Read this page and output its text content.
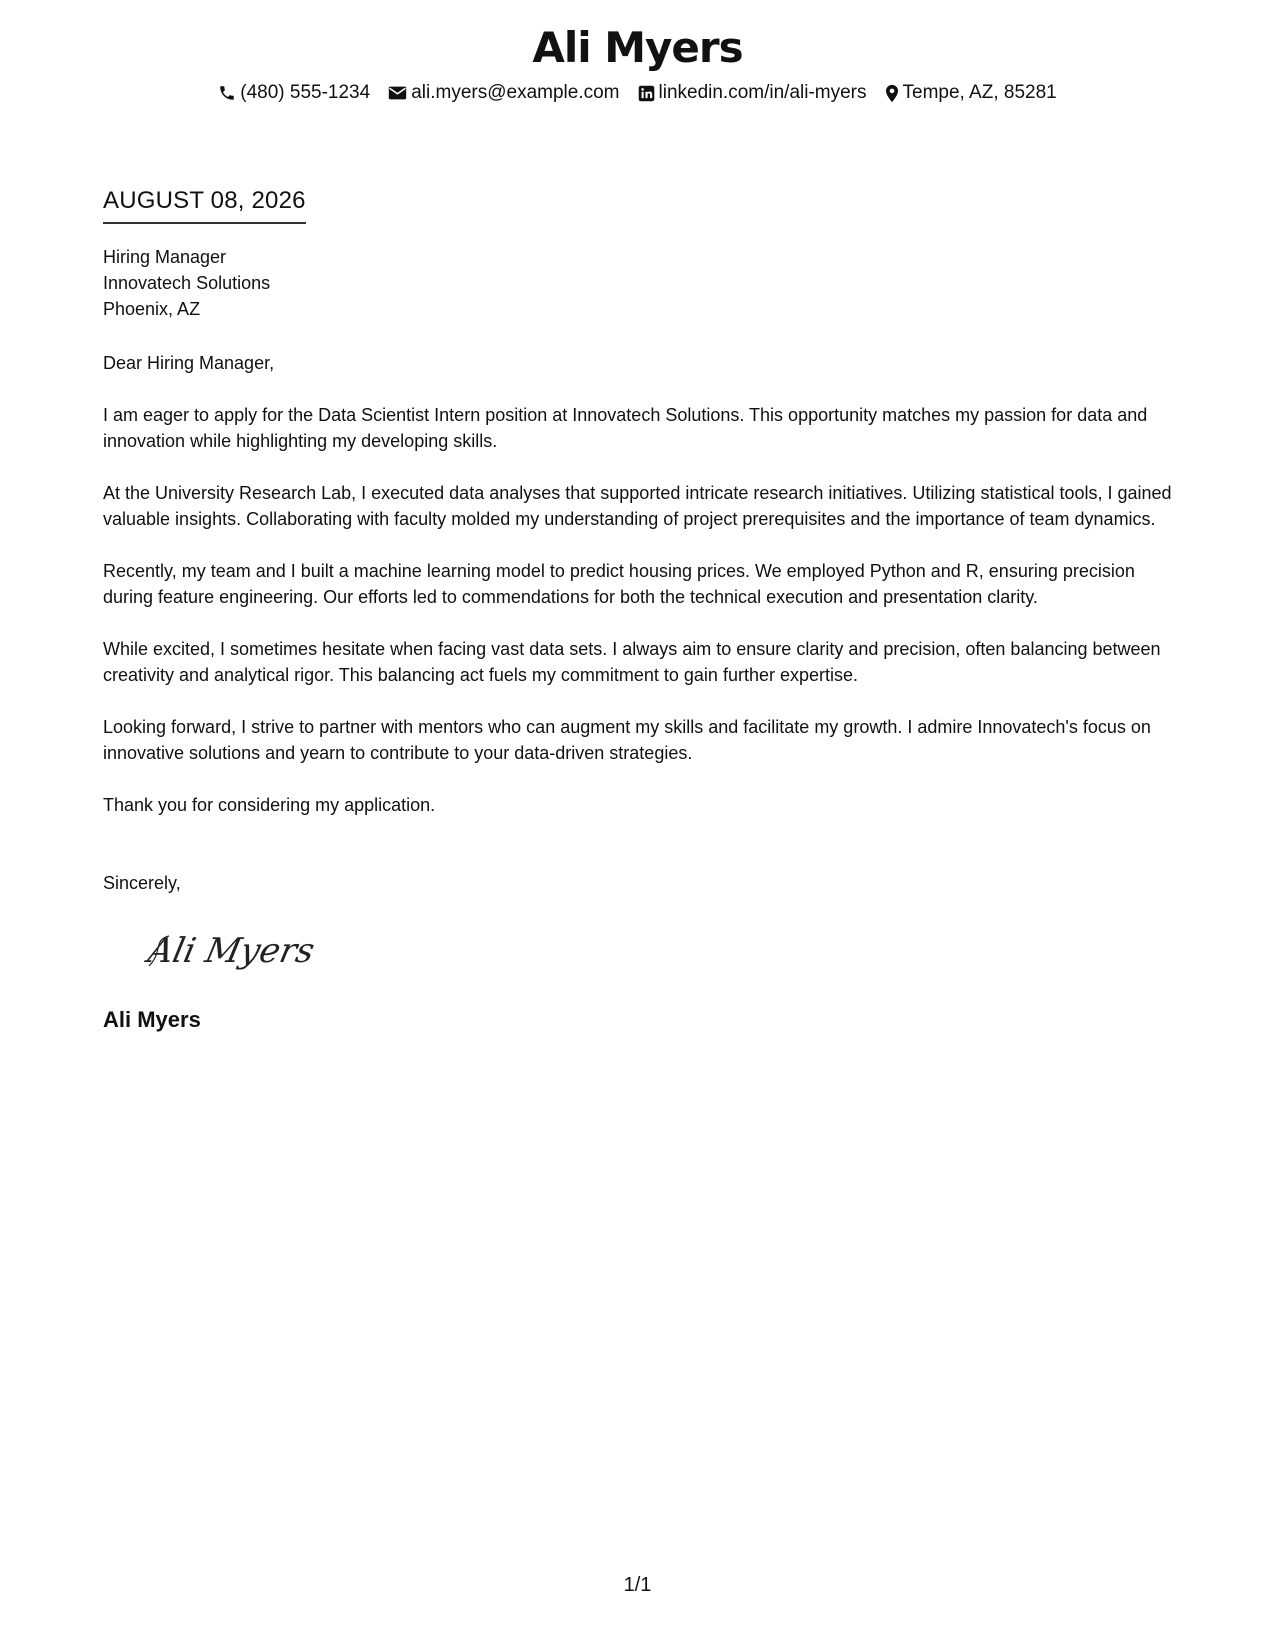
Ali Myers
(480) 555-1234 ali.myers@example.com linkedin.com/in/ali-myers Tempe, AZ, 85281
AUGUST 08, 2026
Hiring Manager
Innovatech Solutions
Phoenix, AZ
Dear Hiring Manager,

I am eager to apply for the Data Scientist Intern position at Innovatech Solutions. This opportunity matches my passion for data and innovation while highlighting my developing skills.

At the University Research Lab, I executed data analyses that supported intricate research initiatives. Utilizing statistical tools, I gained valuable insights. Collaborating with faculty molded my understanding of project prerequisites and the importance of team dynamics.

Recently, my team and I built a machine learning model to predict housing prices. We employed Python and R, ensuring precision during feature engineering. Our efforts led to commendations for both the technical execution and presentation clarity.

While excited, I sometimes hesitate when facing vast data sets. I always aim to ensure clarity and precision, often balancing between creativity and analytical rigor. This balancing act fuels my commitment to gain further expertise.

Looking forward, I strive to partner with mentors who can augment my skills and facilitate my growth. I admire Innovatech's focus on innovative solutions and yearn to contribute to your data-driven strategies.

Thank you for considering my application.

Sincerely,
Ali Myers
Ali Myers
1/1
